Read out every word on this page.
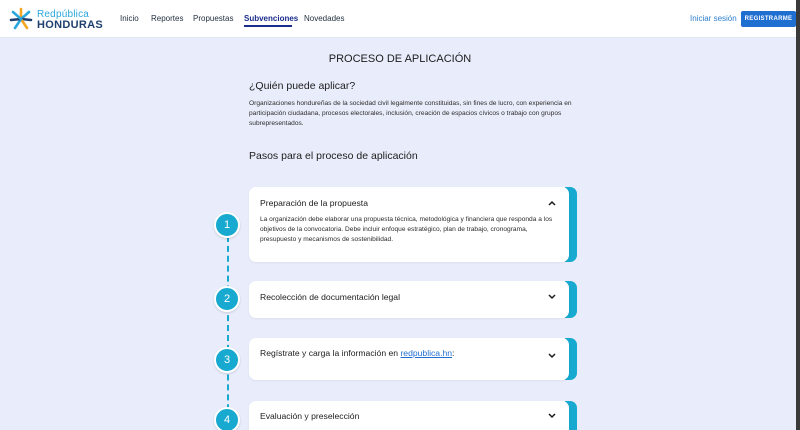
Redpública
HONDURAS
Inicio Reportes Propuestas Subvenciones Novedades	Iniciar sesión	REGISTRARME
PROCESO DE APLICACIÓN
¿Quién puede aplicar?
Organizaciones hondureñas de la sociedad civil legalmente constituidas, sin fines de lucro, con experiencia en participación ciudadana, procesos electorales, inclusión, creación de espacios cívicos o trabajo con grupos subrepresentados.
Pasos para el proceso de aplicación
1
2
3
4
Preparación de la propuesta
La organización debe elaborar una propuesta técnica, metodológica y financiera que responda a los objetivos de la convocatoria. Debe incluir enfoque estratégico, plan de trabajo, cronograma, presupuesto y mecanismos de sostenibilidad.
Recolección de documentación legal
Regístrate y carga la información en redpublica.hn:
Evaluación y preselección
